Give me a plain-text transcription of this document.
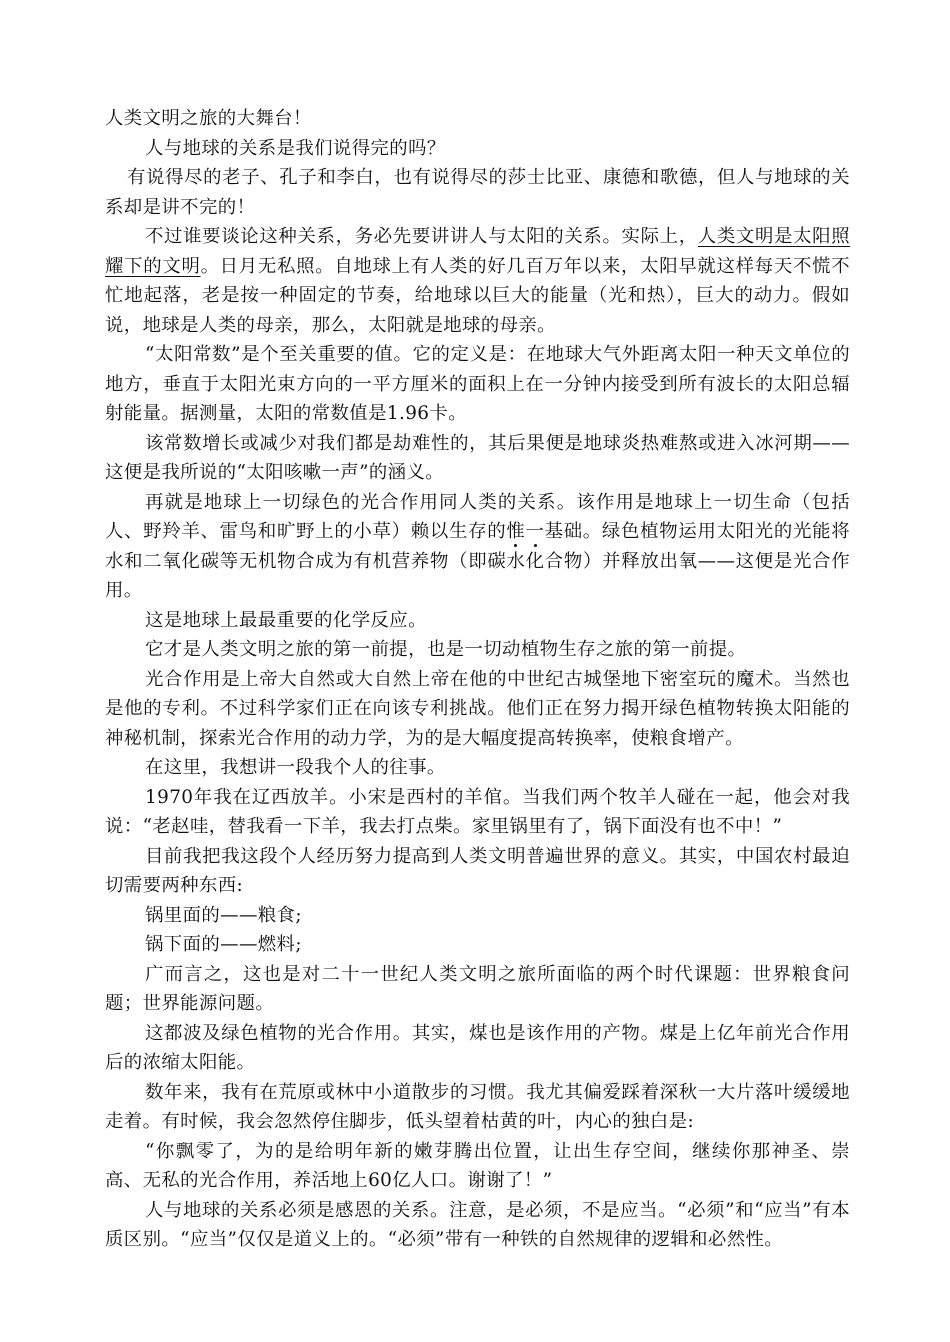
人类文明之旅的大舞台！

人与地球的关系是我们说得完的吗？

有说得尽的老子、孔子和李白，也有说得尽的莎士比亚、康德和歌德，但人与地球的关系却是讲不完的！

不过谁要谈论这种关系，务必先要讲讲人与太阳的关系。实际上，人类文明是太阳照耀下的文明。日月无私照。自地球上有人类的好几百万年以来，太阳早就这样每天不慌不忙地起落，老是按一种固定的节奏，给地球以巨大的能量（光和热），巨大的动力。假如说，地球是人类的母亲，那么，太阳就是地球的母亲。

“太阳常数”是个至关重要的值。它的定义是：在地球大气外距离太阳一种天文单位的地方，垂直于太阳光束方向的一平方厘米的面积上在一分钟内接受到所有波长的太阳总辐射能量。据测量，太阳的常数值是1.96卡。

该常数增长或减少对我们都是劫难性的，其后果便是地球炎热难熬或进入冰河期——这便是我所说的“太阳咳嗽一声”的涵义。

再就是地球上一切绿色的光合作用同人类的关系。该作用是地球上一切生命（包括人、野羚羊、雷鸟和旷野上的小草）赖以生存的惟一基础。绿色植物运用太阳光的光能将水和二氧化碳等无机物合成为有机营养物（即碳水化合物）并释放出氧——这便是光合作用。

这是地球上最最重要的化学反应。

它才是人类文明之旅的第一前提，也是一切动植物生存之旅的第一前提。

光合作用是上帝大自然或大自然上帝在他的中世纪古城堡地下密室玩的魔术。当然也是他的专利。不过科学家们正在向该专利挑战。他们正在努力揭开绿色植物转换太阳能的神秘机制，探索光合作用的动力学，为的是大幅度提高转换率，使粮食增产。

在这里，我想讲一段我个人的往事。

1970年我在辽西放羊。小宋是西村的羊倌。当我们两个牧羊人碰在一起，他会对我说：“老赵哇，替我看一下羊，我去打点柴。家里锅里有了，锅下面没有也不中！”

目前我把我这段个人经历努力提高到人类文明普遍世界的意义。其实，中国农村最迫切需要两种东西:

锅里面的——粮食;

锅下面的——燃料;

广而言之，这也是对二十一世纪人类文明之旅所面临的两个时代课题：世界粮食问题；世界能源问题。

这都波及绿色植物的光合作用。其实，煤也是该作用的产物。煤是上亿年前光合作用后的浓缩太阳能。

数年来，我有在荒原或林中小道散步的习惯。我尤其偏爱踩着深秋一大片落叶缓缓地走着。有时候，我会忽然停住脚步，低头望着枯黄的叶，内心的独白是:

“你飘零了，为的是给明年新的嫩芽腾出位置，让出生存空间，继续你那神圣、崇高、无私的光合作用，养活地上60亿人口。谢谢了！”

人与地球的关系必须是感恩的关系。注意，是必须，不是应当。“必须”和“应当”有本质区别。“应当”仅仅是道义上的。“必须”带有一种铁的自然规律的逻辑和必然性。
